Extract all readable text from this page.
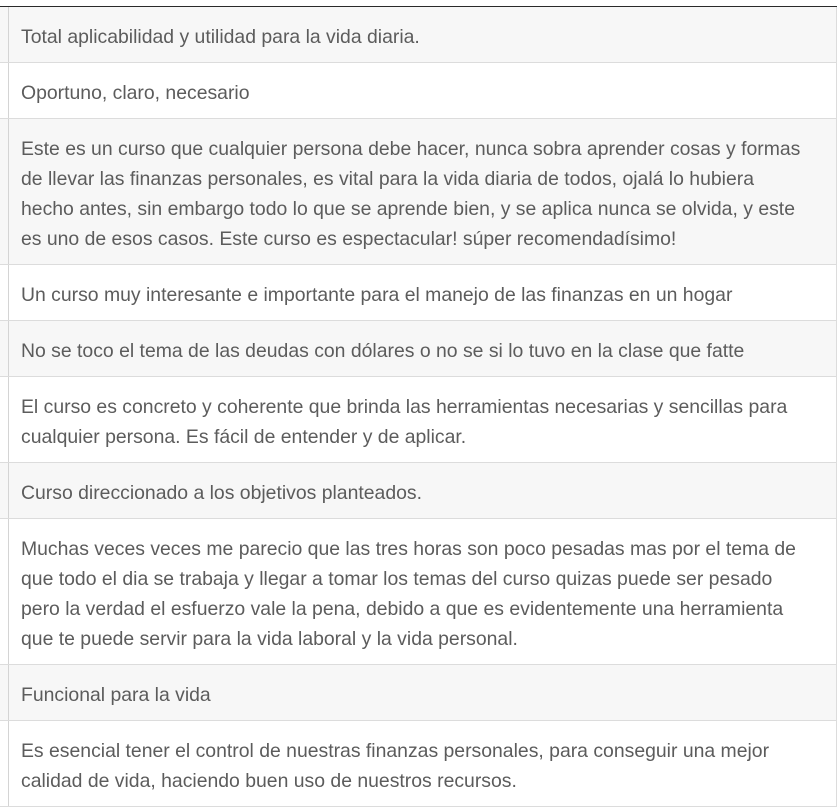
	Total aplicabilidad y utilidad para la vida diaria.
	Oportuno, claro, necesario
	Este es un curso que cualquier persona debe hacer, nunca sobra aprender cosas y formas
de llevar las finanzas personales, es vital para la vida diaria de todos, ojalá lo hubiera
hecho antes, sin embargo todo lo que se aprende bien, y se aplica nunca se olvida, y este
es uno de esos casos. Este curso es espectacular! súper recomendadísimo!
	Un curso muy interesante e importante para el manejo de las finanzas en un hogar
	No se toco el tema de las deudas con dólares o no se si lo tuvo en la clase que fatte
	El curso es concreto y coherente que brinda las herramientas necesarias y sencillas para
cualquier persona. Es fácil de entender y de aplicar.
	Curso direccionado a los objetivos planteados.
	Muchas veces veces me parecio que las tres horas son poco pesadas mas por el tema de
que todo el dia se trabaja y llegar a tomar los temas del curso quizas puede ser pesado
pero la verdad el esfuerzo vale la pena, debido a que es evidentemente una herramienta
que te puede servir para la vida laboral y la vida personal.
	Funcional para la vida
	Es esencial tener el control de nuestras finanzas personales, para conseguir una mejor
calidad de vida, haciendo buen uso de nuestros recursos.
